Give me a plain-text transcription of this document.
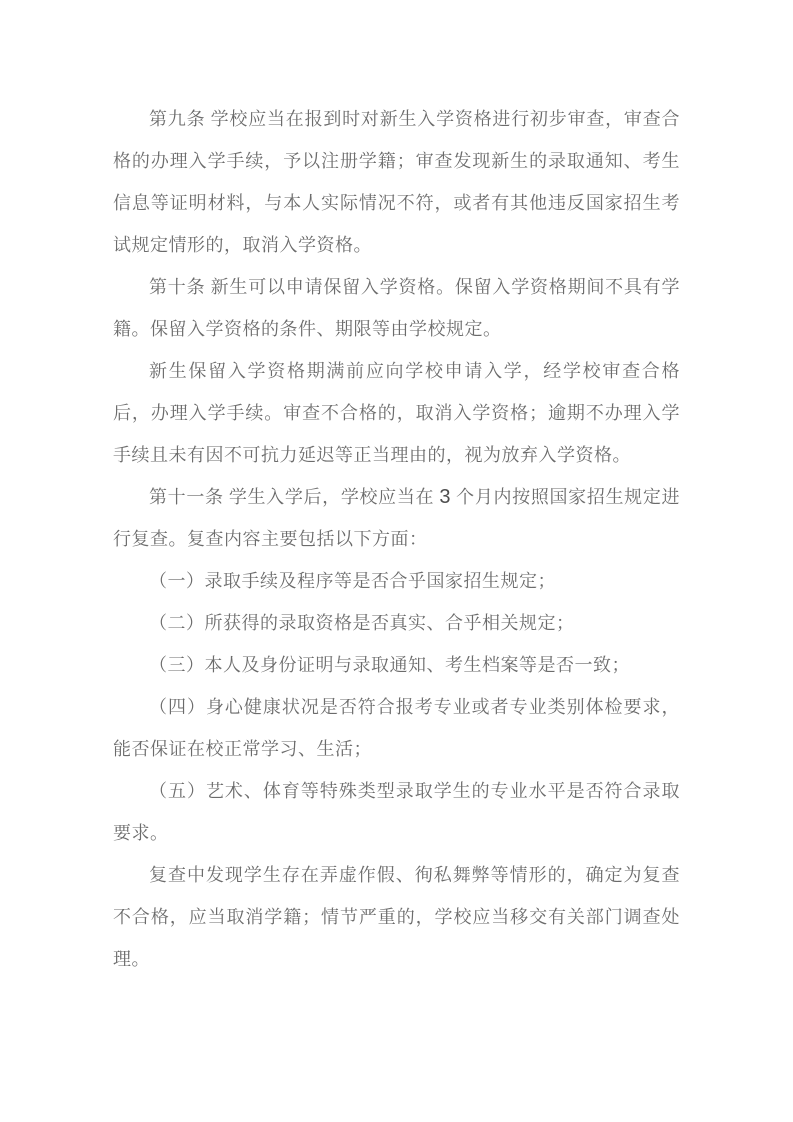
第九条 学校应当在报到时对新生入学资格进行初步审查，审查合格的办理入学手续，予以注册学籍；审查发现新生的录取通知、考生信息等证明材料，与本人实际情况不符，或者有其他违反国家招生考试规定情形的，取消入学资格。

第十条 新生可以申请保留入学资格。保留入学资格期间不具有学籍。保留入学资格的条件、期限等由学校规定。

新生保留入学资格期满前应向学校申请入学，经学校审查合格后，办理入学手续。审查不合格的，取消入学资格；逾期不办理入学手续且未有因不可抗力延迟等正当理由的，视为放弃入学资格。

第十一条 学生入学后，学校应当在 3 个月内按照国家招生规定进行复查。复查内容主要包括以下方面：

（一）录取手续及程序等是否合乎国家招生规定；

（二）所获得的录取资格是否真实、合乎相关规定；

（三）本人及身份证明与录取通知、考生档案等是否一致；

（四）身心健康状况是否符合报考专业或者专业类别体检要求，能否保证在校正常学习、生活；

（五）艺术、体育等特殊类型录取学生的专业水平是否符合录取要求。

复查中发现学生存在弄虚作假、徇私舞弊等情形的，确定为复查不合格，应当取消学籍；情节严重的，学校应当移交有关部门调查处理。
